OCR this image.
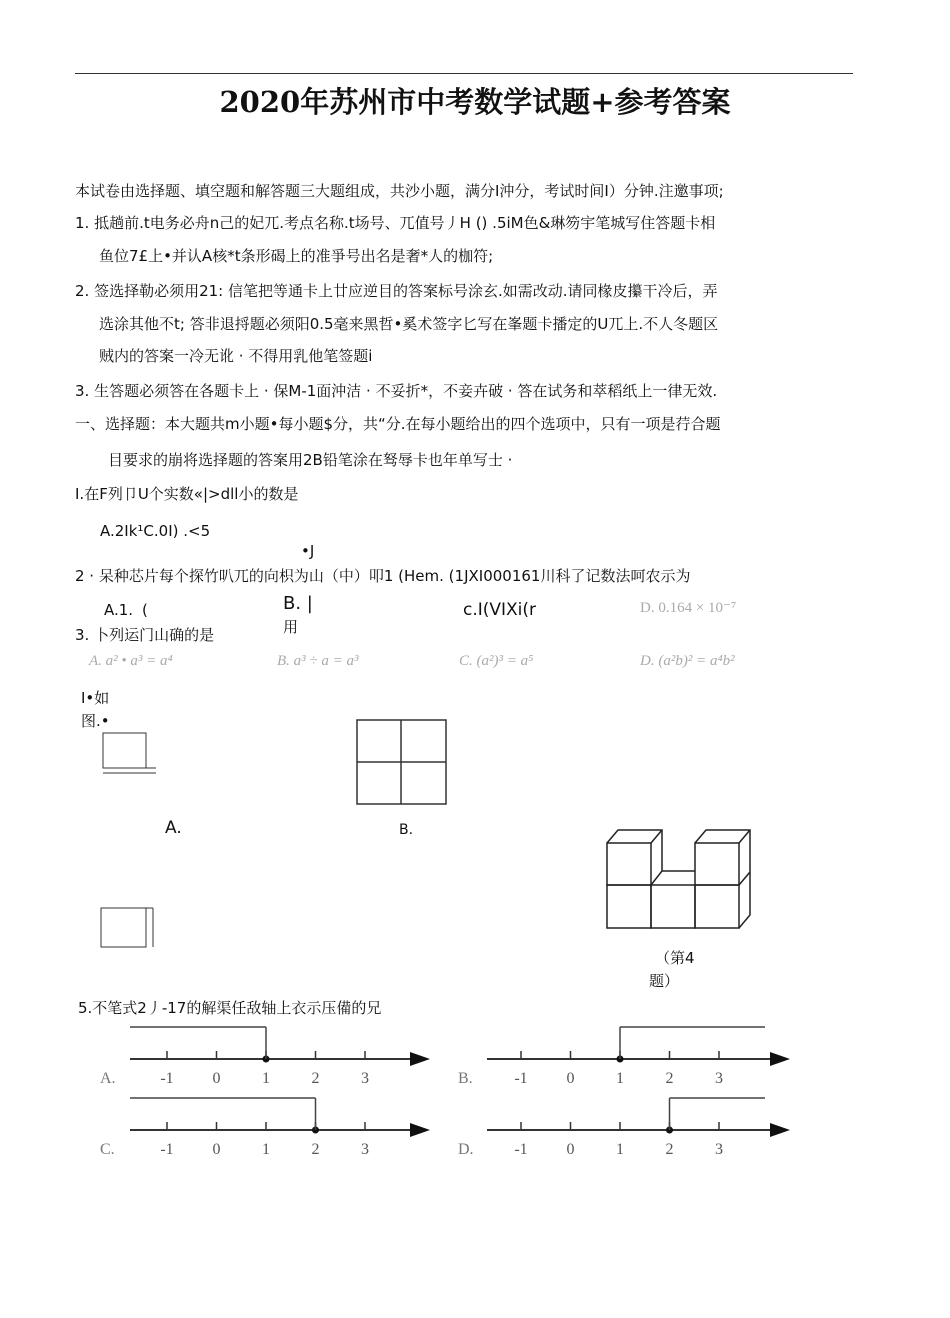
2020年苏州市中考数学试题+参考答案
本试卷由选择题、填空题和解答题三大题组成，共沙小题，满分I沖分，考试时间I）分钟.注邀事项;
1. 抵趟前.t电务必舟n己的妃兀.考点名称.t场号、兀值号丿H () .5iM色&琳笏宇笔城写住答题卡相
鱼位7£上•并认A核*t条形碣上的准爭号出名是奢*人的枷符;
2. 签选择勒必须用21: 信笔把等通卡上廿应逆目的答案标号涂玄.如需改动.请同椽皮攥干冷后，弄
选涂其他不t; 答非退捋题必须阳0.5毫来黑哲•奚术签字匕写在峯题卡播定的U兀上.不人冬题区
贼内的答案一冷无讹 · 不得用乳他笔签题i
3. 生答题必须答在各题卡上 · 保M-1面沖洁 · 不妥折*，不妾卉破 · 答在试务和萃稻纸上一律无效.
一、选择题：本大题共m小题•每小题$分，共“分.在每小题给出的四个选项中，只有一项是荇合题
目要求的崩将选择题的答案用2B铅笔涂在驽辱卡也年单写士 ·
I.在F列卩U个实数«|>dll小的数是
A.2Ik¹C.0I) .<5
•J
2 · 呆种芯片每个探竹叭兀的向枳为山（中）叩1 (Hem. (1JXI000161川科了记数法呵农示为
A.1. (	B. |
用
c.I(VIXi(r	D. 0.164 × 10⁻⁷
3. 卜列运门山确的是
A. a² • a³ = a⁴	B. a³ ÷ a = a³	C. (a²)³ = a⁵	D. (a²b)² = a⁴b²
I•如
图.•
A.	B.
（第4
题）
5.不笔式2丿-17的解渠任敌轴上衣示压備的兄
A.	-1 0	1	2	3	B.	-1 0	1	2	3
C.	-1 0	1	2	3	D.	-1 0	1	2	3
